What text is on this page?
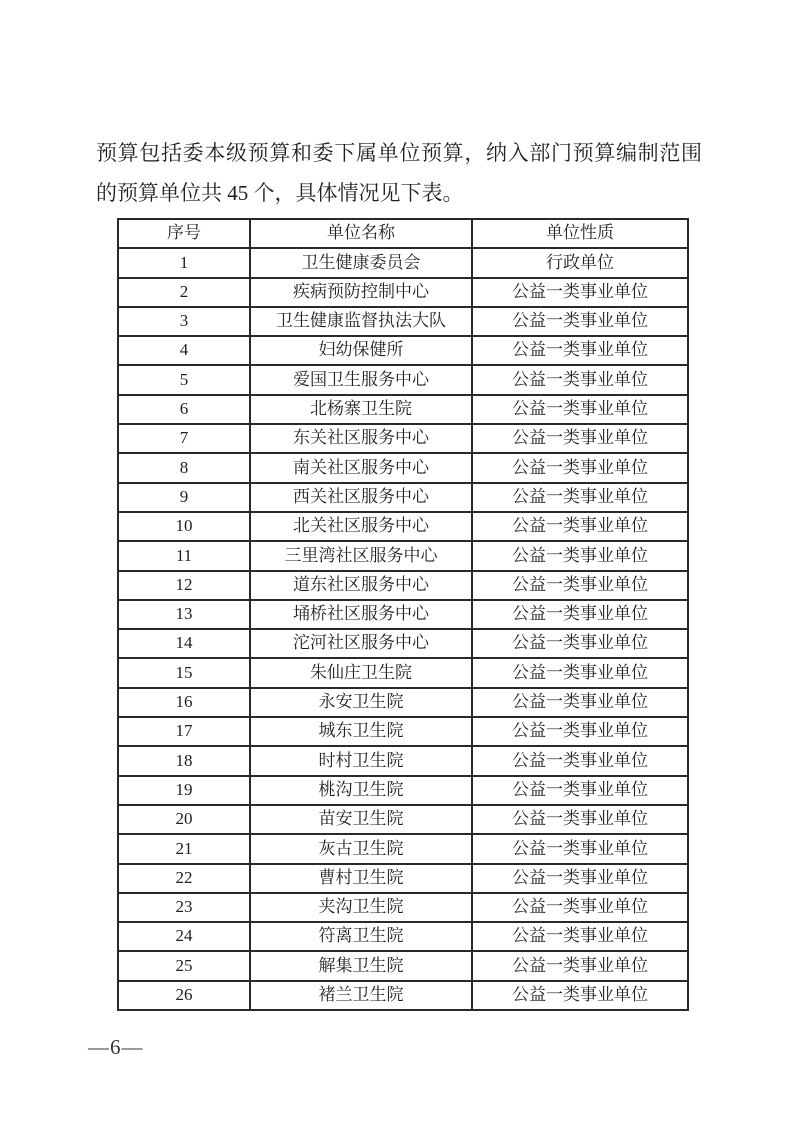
预算包括委本级预算和委下属单位预算，纳入部门预算编制范围
的预算单位共 45 个，具体情况见下表。

序号	单位名称	单位性质
1	卫生健康委员会	行政单位
2	疾病预防控制中心	公益一类事业单位
3	卫生健康监督执法大队	公益一类事业单位
4	妇幼保健所	公益一类事业单位
5	爱国卫生服务中心	公益一类事业单位
6	北杨寨卫生院	公益一类事业单位
7	东关社区服务中心	公益一类事业单位
8	南关社区服务中心	公益一类事业单位
9	西关社区服务中心	公益一类事业单位
10	北关社区服务中心	公益一类事业单位
11	三里湾社区服务中心	公益一类事业单位
12	道东社区服务中心	公益一类事业单位
13	埇桥社区服务中心	公益一类事业单位
14	沱河社区服务中心	公益一类事业单位
15	朱仙庄卫生院	公益一类事业单位
16	永安卫生院	公益一类事业单位
17	城东卫生院	公益一类事业单位
18	时村卫生院	公益一类事业单位
19	桃沟卫生院	公益一类事业单位
20	苗安卫生院	公益一类事业单位
21	灰古卫生院	公益一类事业单位
22	曹村卫生院	公益一类事业单位
23	夹沟卫生院	公益一类事业单位
24	符离卫生院	公益一类事业单位
25	解集卫生院	公益一类事业单位
26	褚兰卫生院	公益一类事业单位
—6—
